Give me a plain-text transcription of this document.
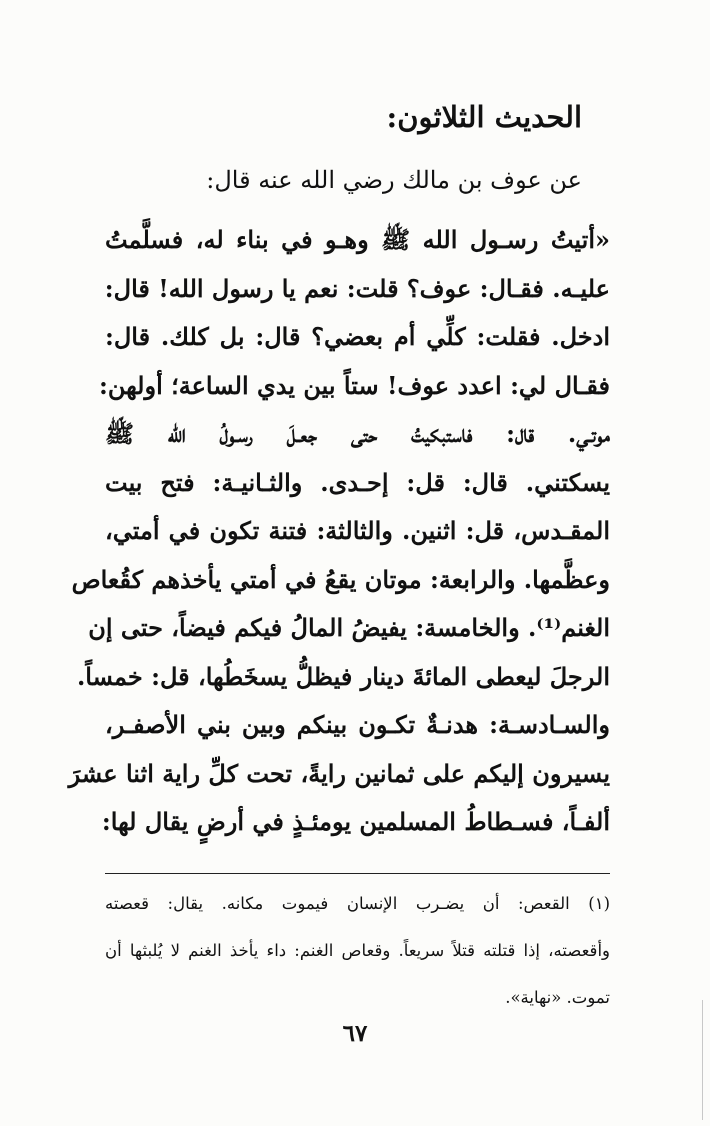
الحديث الثلاثون:

عن عوف بن مالك رضي الله عنه قال:

«أتيتُ رسـول الله ﷺ وهـو في بناء له، فسلَّمتُ
عليـه. فقـال: عوف؟ قلت: نعم يا رسول الله! قال:
ادخل. فقلت: كلِّي أم بعضي؟ قال: بل كلك. قال:
فقـال لي: اعدد عوف! ستاً بين يدي الساعة؛ أولهن:
موتـي. قال: فاستبكيتُ حتى جعـلَ رسـولُ الله ﷺ
يسكتني. قال: قل: إحـدى. والثـانيـة: فتح بيت
المقـدس، قل: اثنين. والثالثة: فتنة تكون في أمتي،
وعظَّمها. والرابعة: موتان يقعُ في أمتي يأخذهم كقُعاص
الغنم⁽¹⁾. والخامسة: يفيضُ المالُ فيكم فيضاً، حتى إن
الرجلَ ليعطى المائةَ دينار فيظلُّ يسخَطُها، قل: خمساً.
والسـادسـة: هدنـةٌ تكـون بينكم وبين بني الأصفـر،
يسيرون إليكم على ثمانين رايةً، تحت كلِّ راية اثنا عشرَ
ألفـاً، فسـطاطُ المسلمين يومئـذٍ في أرضٍ يقال لها:
(١) القعص: أن يضـرب الإنسان فيموت مكانه. يقال: قعصته
وأقعصته، إذا قتلته قتلاً سريعاً. وقعاص الغنم: داء يأخذ الغنم لا يُلبثها أن
تموت. «نهاية».
٦٧
